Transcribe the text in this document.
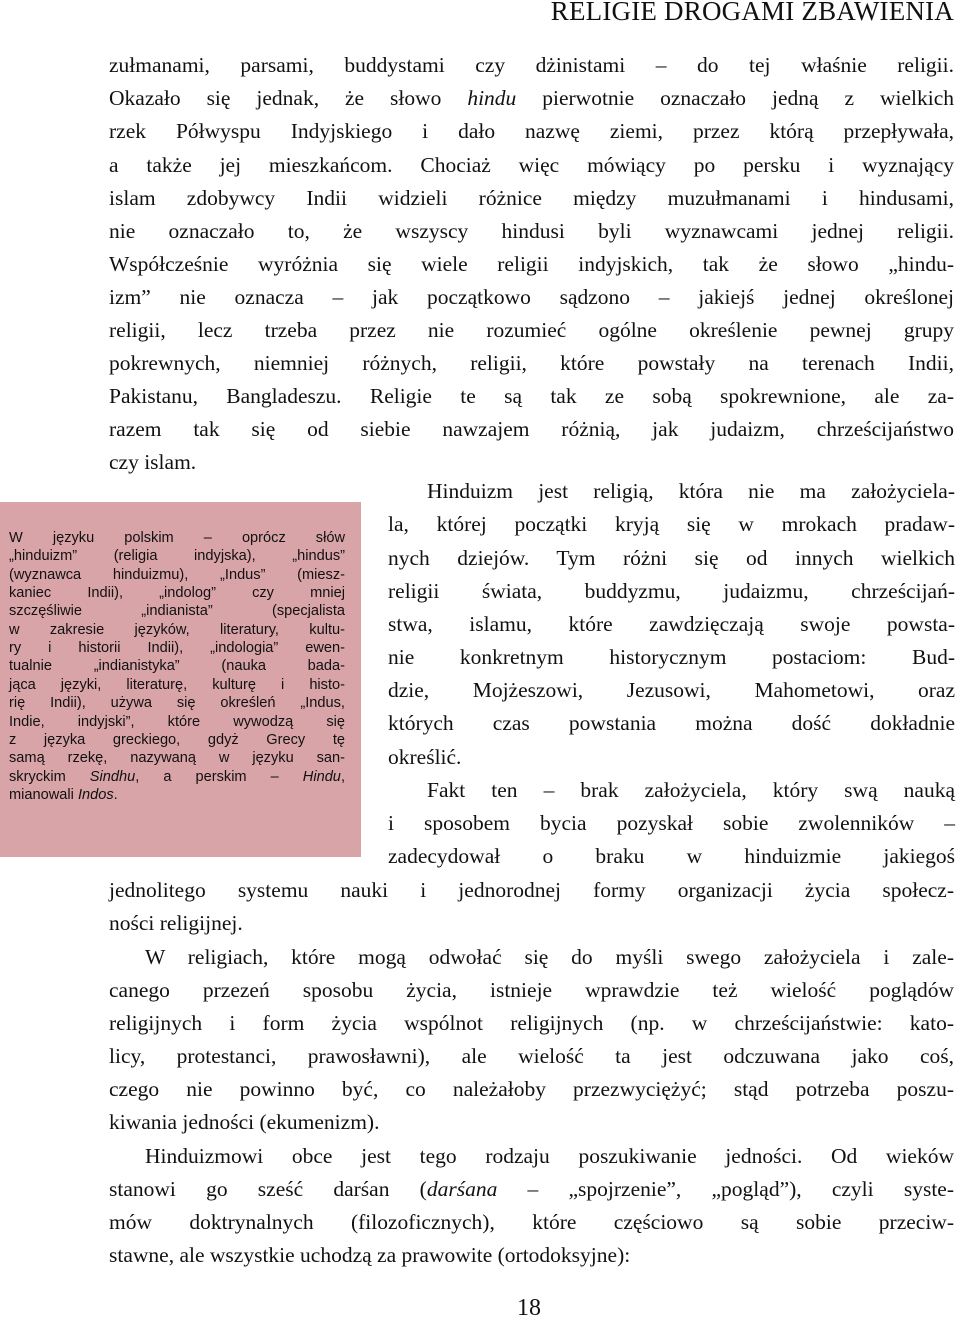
RELIGIE DROGAMI ZBAWIENIA
zułmanami, parsami, buddystami czy dżinistami – do tej właśnie religii.
Okazało się jednak, że słowo hindu pierwotnie oznaczało jedną z wielkich
rzek Półwyspu Indyjskiego i dało nazwę ziemi, przez którą przepływała,
a także jej mieszkańcom. Chociaż więc mówiący po persku i wyznający
islam zdobywcy Indii widzieli różnice między muzułmanami i hindusami,
nie oznaczało to, że wszyscy hindusi byli wyznawcami jednej religii.
Współcześnie wyróżnia się wiele religii indyjskich, tak że słowo „hindu-
izm” nie oznacza – jak początkowo sądzono – jakiejś jednej określonej
religii, lecz trzeba przez nie rozumieć ogólne określenie pewnej grupy
pokrewnych, niemniej różnych, religii, które powstały na terenach Indii,
Pakistanu, Bangladeszu. Religie te są tak ze sobą spokrewnione, ale za-
razem tak się od siebie nawzajem różnią, jak judaizm, chrześcijaństwo
czy islam.
Hinduizm jest religią, która nie ma założyciela-
la, której początki kryją się w mrokach pradaw-
nych dziejów. Tym różni się od innych wielkich
religii świata, buddyzmu, judaizmu, chrześcijań-
stwa, islamu, które zawdzięczają swoje powsta-
nie konkretnym historycznym postaciom: Bud-
dzie, Mojżeszowi, Jezusowi, Mahometowi, oraz
których czas powstania można dość dokładnie
określić.
Fakt ten – brak założyciela, który swą nauką
i sposobem bycia pozyskał sobie zwolenników –
zadecydował o braku w hinduizmie jakiegoś
jednolitego systemu nauki i jednorodnej formy organizacji życia społecz-
ności religijnej.
W religiach, które mogą odwołać się do myśli swego założyciela i zale-
canego przezeń sposobu życia, istnieje wprawdzie też wielość poglądów
religijnych i form życia wspólnot religijnych (np. w chrześcijaństwie: kato-
licy, protestanci, prawosławni), ale wielość ta jest odczuwana jako coś,
czego nie powinno być, co należałoby przezwyciężyć; stąd potrzeba poszu-
kiwania jedności (ekumenizm).
Hinduizmowi obce jest tego rodzaju poszukiwanie jedności. Od wieków
stanowi go sześć darśan (darśana – „spojrzenie”, „pogląd”), czyli syste-
mów doktrynalnych (filozoficznych), które częściowo są sobie przeciw-
stawne, ale wszystkie uchodzą za prawowite (ortodoksyjne):
W języku polskim – oprócz słów
„hinduizm” (religia indyjska), „hindus”
(wyznawca hinduizmu), „Indus” (miesz-
kaniec Indii), „indolog” czy mniej
szczęśliwie „indianista” (specjalista
w zakresie języków, literatury, kultu-
ry i historii Indii), „indologia” ewen-
tualnie „indianistyka” (nauka bada-
jąca języki, literaturę, kulturę i histo-
rię Indii), używa się określeń „Indus,
Indie, indyjski”, które wywodzą się
z języka greckiego, gdyż Grecy tę
samą rzekę, nazywaną w języku san-
skryckim Sindhu, a perskim – Hindu,
mianowali Indos.
18
